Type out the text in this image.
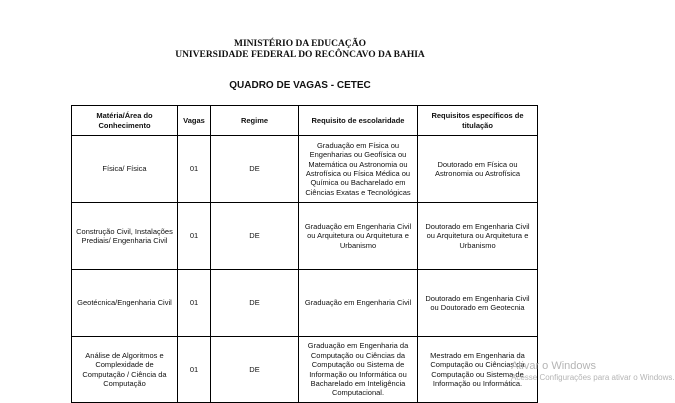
MINISTÉRIO DA EDUCAÇÃO
UNIVERSIDADE FEDERAL DO RECÔNCAVO DA BAHIA
QUADRO DE VAGAS - CETEC
Matéria/Área do Conhecimento	Vagas	Regime	Requisito de escolaridade	Requisitos específicos de titulação
Física/ Física	01	DE	Graduação em Física ou Engenharias ou Geofísica ou Matemática ou Astronomia ou Astrofísica ou Física Médica ou Química ou Bacharelado em Ciências Exatas e Tecnológicas	Doutorado em Física ou Astronomia ou Astrofísica
Construção Civil, Instalações Prediais/ Engenharia Civil	01	DE	Graduação em Engenharia Civil ou Arquitetura ou Arquitetura e Urbanismo	Doutorado em Engenharia Civil ou Arquitetura ou Arquitetura e Urbanismo
Geotécnica/Engenharia Civil	01	DE	Graduação em Engenharia Civil	Doutorado em Engenharia Civil ou Doutorado em Geotecnia
Análise de Algoritmos e Complexidade de Computação / Ciência da Computação	01	DE	Graduação em Engenharia da Computação ou Ciências da Computação ou Sistema de Informação ou Informática ou Bacharelado em Inteligência Computacional.	Mestrado em Engenharia da Computação ou Ciências da Computação ou Sistema de Informação ou Informática.
Ativar o Windows
Acesse Configurações para ativar o Windows.
